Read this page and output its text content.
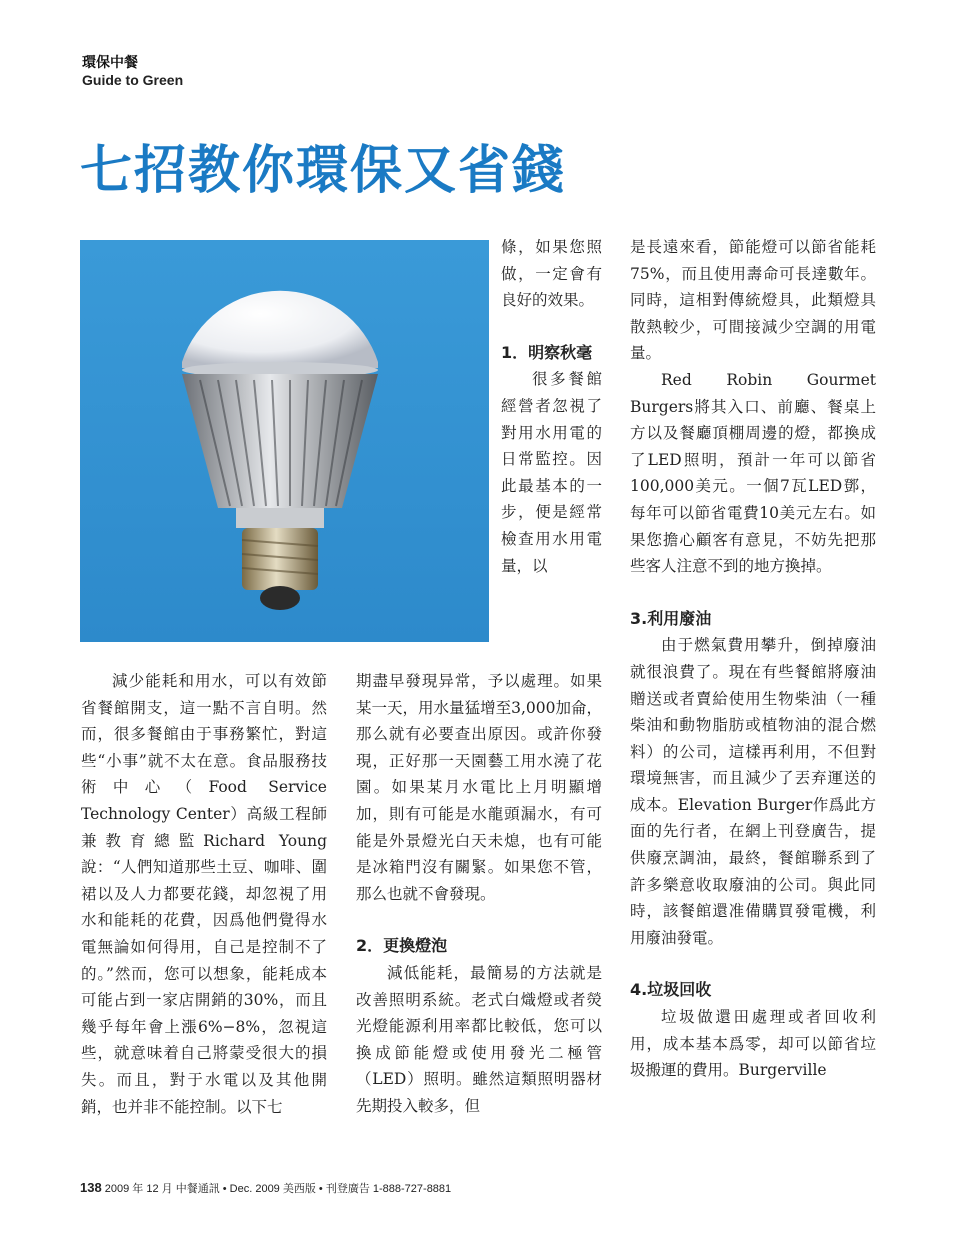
環保中餐
Guide to Green
七招教你環保又省錢

減少能耗和用水，可以有效節省餐館開支，這一點不言自明。然而，很多餐館由于事務繁忙，對這些“小事”就不太在意。食品服務技術中心（Food Service Technology Center）高級工程師兼教育總監Richard Young說：“人們知道那些土豆、咖啡、圍裙以及人力都要花錢，却忽視了用水和能耗的花費，因爲他們覺得水電無論如何得用，自己是控制不了的。”然而，您可以想象，能耗成本可能占到一家店開銷的30%，而且幾乎每年會上漲6%−8%，忽視這些，就意味着自己將蒙受很大的損失。而且，對于水電以及其他開銷，也并非不能控制。以下七

條，如果您照做，一定會有良好的效果。

1．明察秋毫

很多餐館經營者忽視了對用水用電的日常監控。因此最基本的一步，便是經常檢查用水用電量，以

期盡早發現异常，予以處理。如果某一天，用水量猛增至3,000加侖，那么就有必要查出原因。或許你發現，正好那一天園藝工用水澆了花園。如果某月水電比上月明顯增加，則有可能是水龍頭漏水，有可能是外景燈光白天未熄，也有可能是冰箱門沒有關緊。如果您不管，那么也就不會發現。

2．更換燈泡

減低能耗，最簡易的方法就是改善照明系統。老式白熾燈或者熒光燈能源利用率都比較低，您可以換成節能燈或使用發光二極管（LED）照明。雖然這類照明器材先期投入較多，但

是長遠來看，節能燈可以節省能耗75%，而且使用壽命可長達數年。同時，這相對傳統燈具，此類燈具散熱較少，可間接減少空調的用電量。

Red Robin Gourmet Burgers將其入口、前廳、餐桌上方以及餐廳頂棚周邊的燈，都換成了LED照明，預計一年可以節省100,000美元。一個7瓦LED鄧，每年可以節省電費10美元左右。如果您擔心顧客有意見，不妨先把那些客人注意不到的地方換掉。

3.利用廢油

由于燃氣費用攀升，倒掉廢油就很浪費了。現在有些餐館將廢油贈送或者賣給使用生物柴油（一種柴油和動物脂肪或植物油的混合燃料）的公司，這樣再利用，不但對環境無害，而且減少了丟弃運送的成本。Elevation Burger作爲此方面的先行者，在網上刊登廣告，提供廢烹調油，最終，餐館聯系到了許多樂意收取廢油的公司。與此同時，該餐館還准備購買發電機，利用廢油發電。

4.垃圾回收

垃圾做還田處理或者回收利用，成本基本爲零，却可以節省垃圾搬運的費用。Burgerville

138 2009 年 12 月 中餐通訊 • Dec. 2009 美西版 • 刊登廣告 1-888-727-8881
